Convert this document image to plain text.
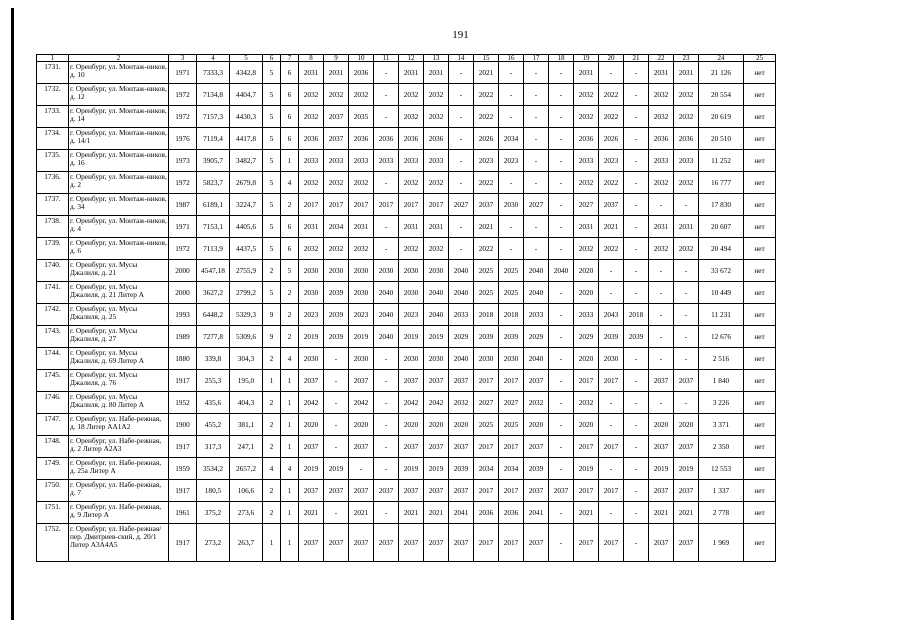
191
1	2	3	4	5	6	7	8	9	10	11	12	13	14	15	16	17	18	19	20	21	22	23	24	25
1731.	г. Оренбург, ул. Монтаж-ников, д. 10	1971	7333,3	4342,8	5	6	2031	2031	2036	-	2031	2031	-	2021	-	-	-	2031	-	-	2031	2031	21 126	нет
1732.	г. Оренбург, ул. Монтаж-ников, д. 12	1972	7134,8	4404,7	5	6	2032	2032	2032	-	2032	2032	-	2022	-	-	-	2032	2022	-	2032	2032	20 554	нет
1733.	г. Оренбург, ул. Монтаж-ников, д. 14	1972	7157,3	4430,3	5	6	2032	2037	2035	-	2032	2032	-	2022	-	-	-	2032	2022	-	2032	2032	20 619	нет
1734.	г. Оренбург, ул. Монтаж-ников, д. 14/1	1976	7119,4	4417,8	5	6	2036	2037	2036	2036	2036	2036	-	2026	2034	-	-	2036	2026	-	2036	2036	20 510	нет
1735.	г. Оренбург, ул. Монтаж-ников, д. 16	1973	3905,7	3482,7	5	1	2033	2033	2033	2033	2033	2033	-	2023	2023	-	-	2033	2023	-	2033	2033	11 252	нет
1736.	г. Оренбург, ул. Монтаж-ников, д. 2	1972	5823,7	2679,8	5	4	2032	2032	2032	-	2032	2032	-	2022	-	-	-	2032	2022	-	2032	2032	16 777	нет
1737.	г. Оренбург, ул. Монтаж-ников, д. 34	1987	6189,1	3224,7	5	2	2017	2017	2017	2017	2017	2017	2027	2037	2030	2027	-	2027	2037	-	-	-	17 830	нет
1738.	г. Оренбург, ул. Монтаж-ников, д. 4	1971	7153,1	4405,6	5	6	2031	2034	2031	-	2031	2031	-	2021	-	-	-	2031	2021	-	2031	2031	20 607	нет
1739.	г. Оренбург, ул. Монтаж-ников, д. 6	1972	7113,9	4437,5	5	6	2032	2032	2032	-	2032	2032	-	2022	-	-	-	2032	2022	-	2032	2032	20 494	нет
1740.	г. Оренбург, ул. Мусы Джалиля, д. 21	2000	4547,18	2755,9	2	5	2030	2030	2030	2030	2030	2030	2040	2025	2025	2040	2040	2020	-	-	-	-	33 672	нет
1741.	г. Оренбург, ул. Мусы Джалиля, д. 21 Литер А	2000	3627,2	2799,2	5	2	2030	2039	2030	2040	2030	2040	2040	2025	2025	2040	-	2020	-	-	-	-	10 449	нет
1742.	г. Оренбург, ул. Мусы Джалиля, д. 25	1993	6448,2	5329,3	9	2	2023	2039	2023	2040	2023	2040	2033	2018	2018	2033	-	2033	2043	2018	-	-	11 231	нет
1743.	г. Оренбург, ул. Мусы Джалиля, д. 27	1989	7277,8	5309,6	9	2	2019	2039	2019	2040	2019	2019	2029	2039	2039	2029	-	2029	2039	2039	-	-	12 676	нет
1744.	г. Оренбург, ул. Мусы Джалиля, д. 69 Литер А	1880	339,8	304,3	2	4	2030	-	2030	-	2030	2030	2040	2030	2030	2040	-	2020	2030	-	-	-	2 516	нет
1745.	г. Оренбург, ул. Мусы Джалиля, д. 76	1917	255,3	195,0	1	1	2037	-	2037	-	2037	2037	2037	2017	2017	2037	-	2017	2017	-	2037	2037	1 840	нет
1746.	г. Оренбург, ул. Мусы Джалиля, д. 80 Литер А	1952	435,6	404,3	2	1	2042	-	2042	-	2042	2042	2032	2027	2027	2032	-	2032	-	-	-	-	3 226	нет
1747.	г. Оренбург, ул. Набе-режная, д. 18 Литер АА1А2	1900	455,2	381,1	2	1	2020	-	2020	-	2020	2020	2020	2025	2025	2020	-	2020	-	-	2020	2020	3 371	нет
1748.	г. Оренбург, ул. Набе-режная, д. 2 Литер А2А3	1917	317,3	247,1	2	1	2037	-	2037	-	2037	2037	2037	2017	2017	2037	-	2017	2017	-	2037	2037	2 350	нет
1749.	г. Оренбург, ул. Набе-режная, д. 25а Литер А	1959	3534,2	2657,2	4	4	2019	2019	-	-	2019	2019	2039	2034	2034	2039	-	2019	-	-	2019	2019	12 553	нет
1750.	г. Оренбург, ул. Набе-режная, д. 7	1917	180,5	106,6	2	1	2037	2037	2037	2037	2037	2037	2037	2017	2017	2037	2037	2017	2017	-	2037	2037	1 337	нет
1751.	г. Оренбург, ул. Набе-режная, д. 9 Литер А	1961	375,2	273,6	2	1	2021	-	2021	-	2021	2021	2041	2036	2036	2041	-	2021	-	-	2021	2021	2 778	нет
1752.	г. Оренбург, ул. Набе-режная/пер. Дмитриев-ский, д. 20/1 Литер А3А4А5	1917	273,2	263,7	1	1	2037	2037	2037	2037	2037	2037	2037	2017	2017	2037	-	2017	2017	-	2037	2037	1 969	нет
